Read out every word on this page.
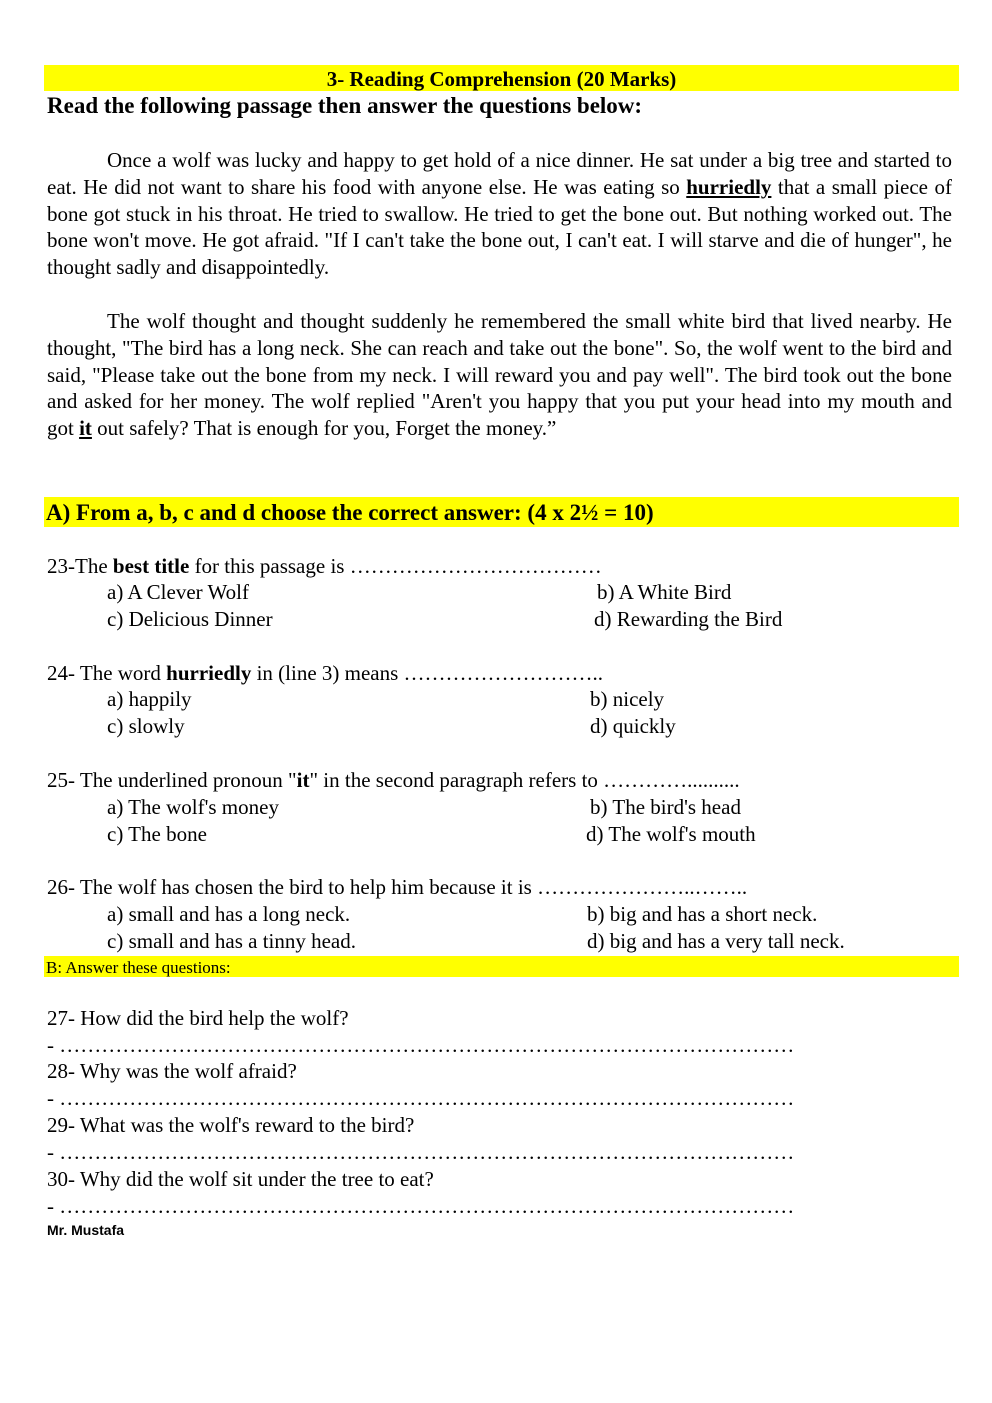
3- Reading Comprehension (20 Marks)
Read the following passage then answer the questions below:
Once a wolf was lucky and happy to get hold of a nice dinner. He sat under a big tree and started to eat. He did not want to share his food with anyone else. He was eating so hurriedly that a small piece of bone got stuck in his throat. He tried to swallow. He tried to get the bone out. But nothing worked out. The bone won't move. He got afraid. "If I can't take the bone out, I can't eat. I will starve and die of hunger", he thought sadly and disappointedly.
The wolf thought and thought suddenly he remembered the small white bird that lived nearby. He thought, "The bird has a long neck. She can reach and take out the bone". So, the wolf went to the bird and said, "Please take out the bone from my neck. I will reward you and pay well". The bird took out the bone and asked for her money. The wolf replied "Aren't you happy that you put your head into my mouth and got it out safely? That is enough for you, Forget the money.”
A) From a, b, c and d choose the correct answer: (4 x 2½ = 10)
23-The best title for this passage is ………………………………
a) A Clever Wolf	b) A White Bird
c) Delicious Dinner	d) Rewarding the Bird
24- The word hurriedly in (line 3) means ………………………..
a) happily	b) nicely
c) slowly	d) quickly
25- The underlined pronoun "it" in the second paragraph refers to …………..........
a) The wolf's money	b) The bird's head
c) The bone	d) The wolf's mouth
26- The wolf has chosen the bird to help him because it is …………………..……..
a) small and has a long neck.	b) big and has a short neck.
c) small and has a tinny head.	d) big and has a very tall neck.
B: Answer these questions:
27- How did the bird help the wolf?
- ……………………………………………………………………………………………
28- Why was the wolf afraid?
- ……………………………………………………………………………………………
29- What was the wolf's reward to the bird?
- ……………………………………………………………………………………………
30- Why did the wolf sit under the tree to eat?
- ……………………………………………………………………………………………
Mr. Mustafa
